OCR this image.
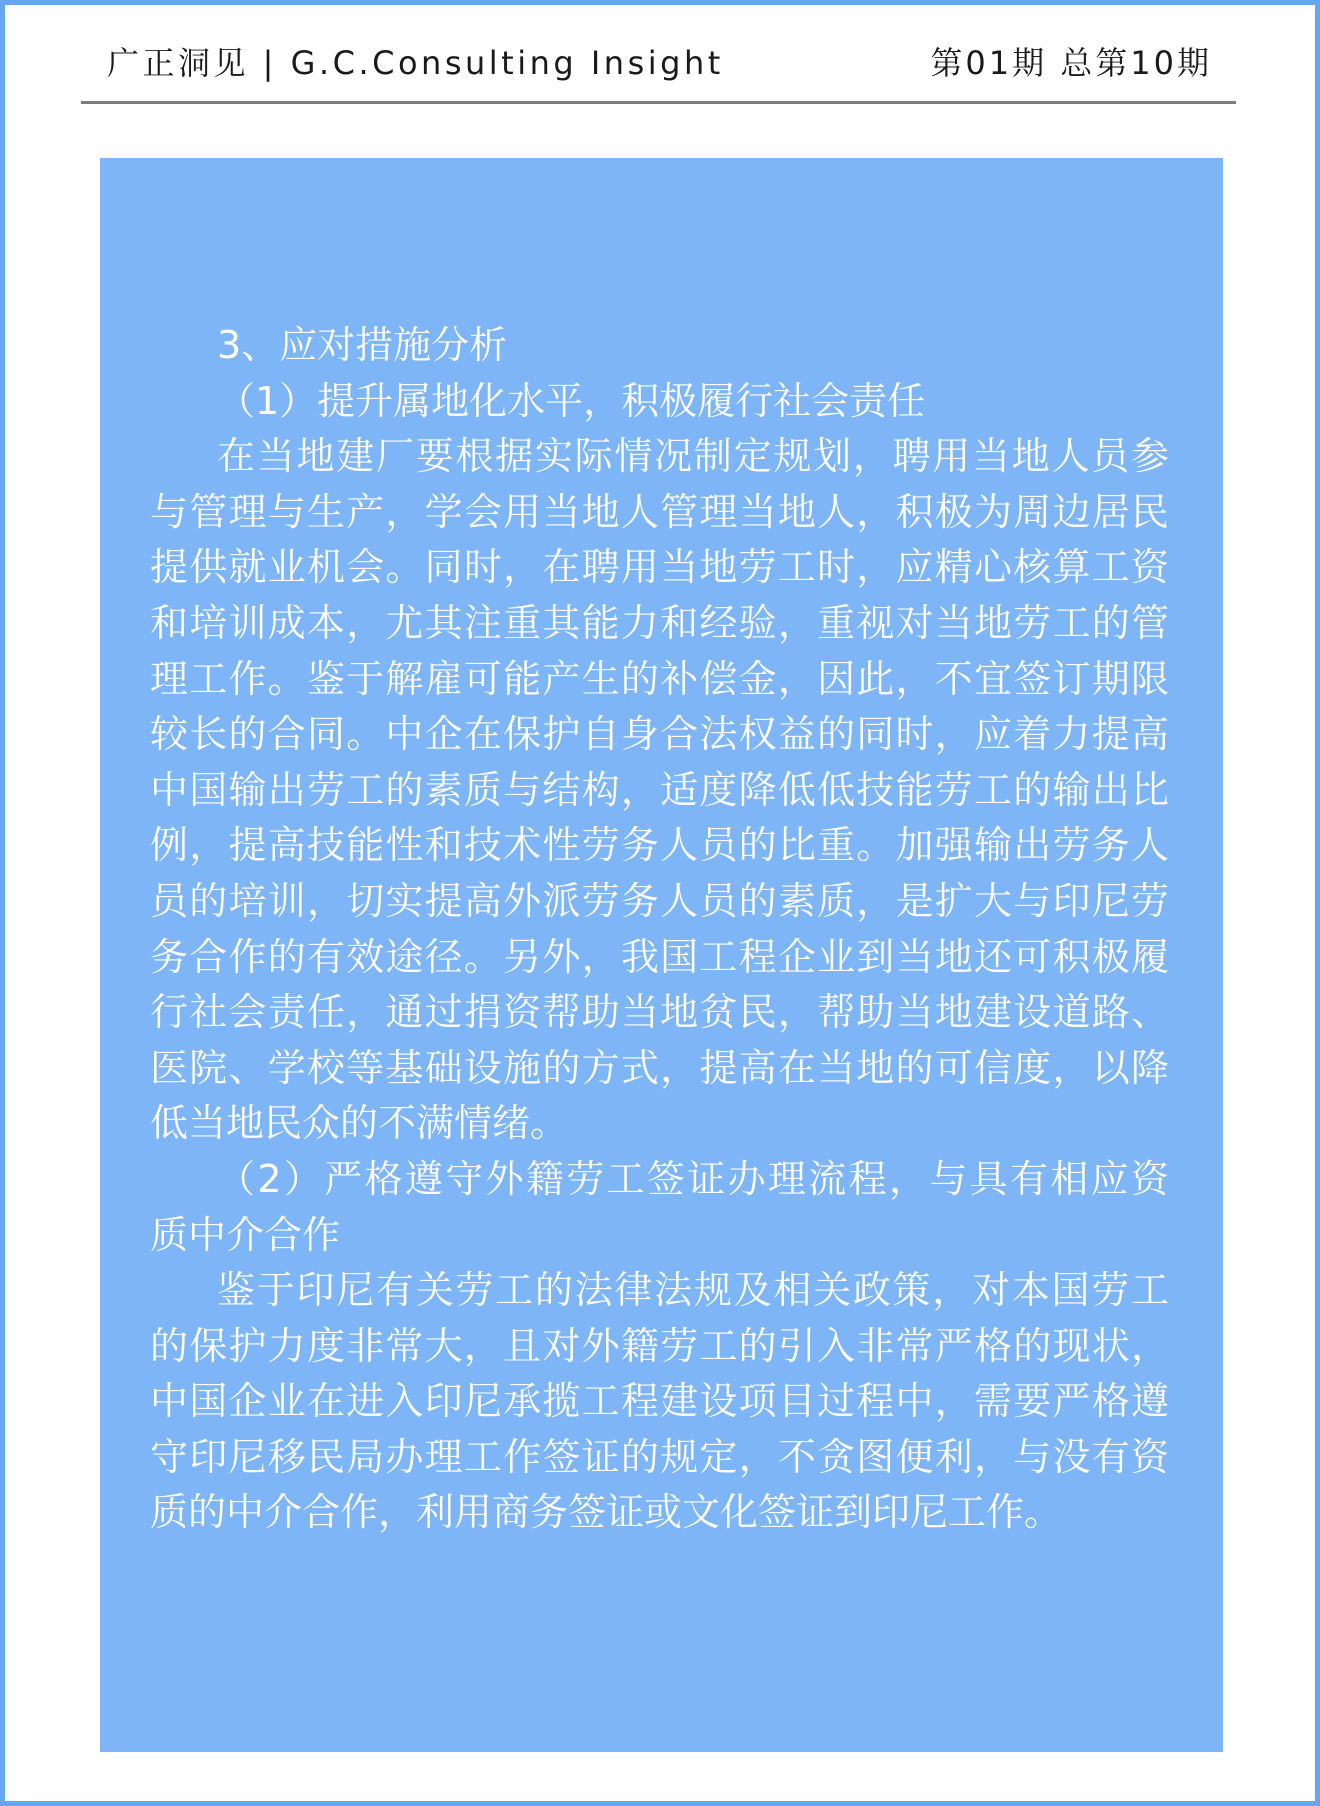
广正洞见 | G.C.Consulting Insight	第01期 总第10期
3、应对措施分析
（1）提升属地化水平，积极履行社会责任
在当地建厂要根据实际情况制定规划，聘用当地人员参
与管理与生产，学会用当地人管理当地人，积极为周边居民
提供就业机会。同时，在聘用当地劳工时，应精心核算工资
和培训成本，尤其注重其能力和经验，重视对当地劳工的管
理工作。鉴于解雇可能产生的补偿金，因此，不宜签订期限
较长的合同。中企在保护自身合法权益的同时，应着力提高
中国输出劳工的素质与结构，适度降低低技能劳工的输出比
例，提高技能性和技术性劳务人员的比重。加强输出劳务人
员的培训，切实提高外派劳务人员的素质，是扩大与印尼劳
务合作的有效途径。另外，我国工程企业到当地还可积极履
行社会责任，通过捐资帮助当地贫民，帮助当地建设道路、
医院、学校等基础设施的方式，提高在当地的可信度，以降
低当地民众的不满情绪。
（2）严格遵守外籍劳工签证办理流程，与具有相应资
质中介合作
鉴于印尼有关劳工的法律法规及相关政策，对本国劳工
的保护力度非常大，且对外籍劳工的引入非常严格的现状，
中国企业在进入印尼承揽工程建设项目过程中，需要严格遵
守印尼移民局办理工作签证的规定，不贪图便利，与没有资
质的中介合作，利用商务签证或文化签证到印尼工作。
